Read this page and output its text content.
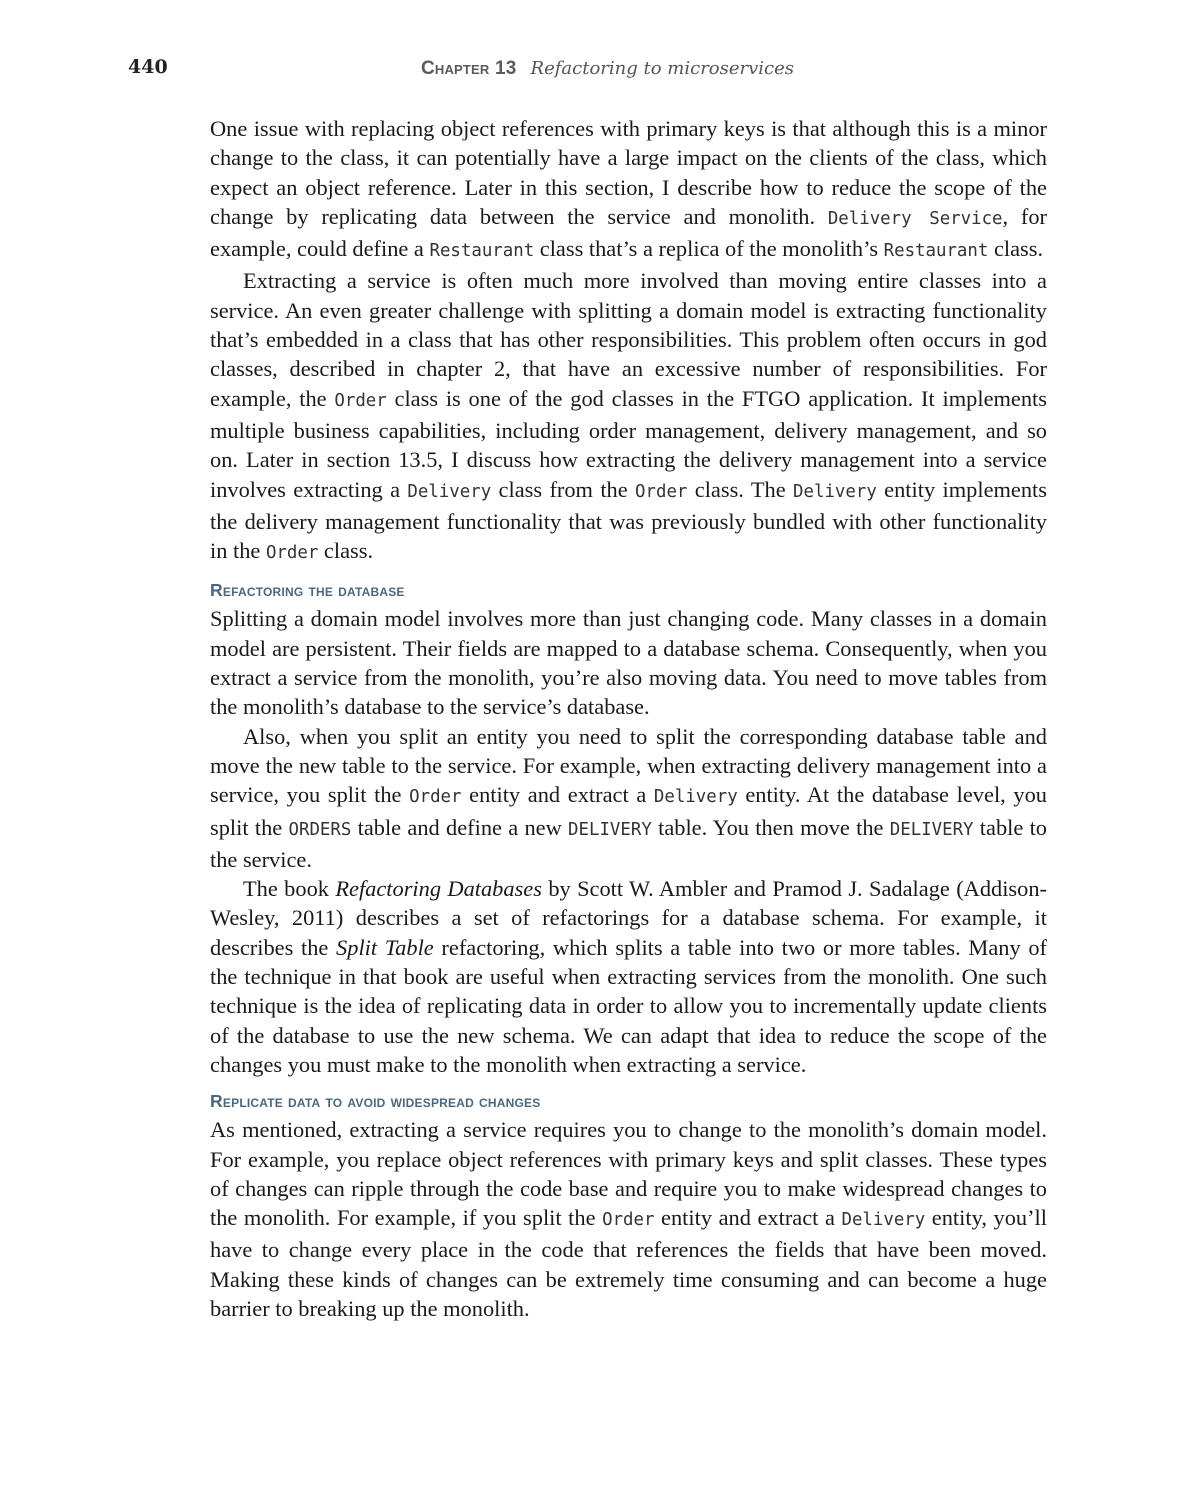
440	Chapter 13 Refactoring to microservices

One issue with replacing object references with primary keys is that although this is a minor change to the class, it can potentially have a large impact on the clients of the class, which expect an object reference. Later in this section, I describe how to reduce the scope of the change by replicating data between the service and monolith. Delivery Service, for example, could define a Restaurant class that’s a replica of the monolith’s Restaurant class.

Extracting a service is often much more involved than moving entire classes into a service. An even greater challenge with splitting a domain model is extracting functionality that’s embedded in a class that has other responsibilities. This problem often occurs in god classes, described in chapter 2, that have an excessive number of responsibilities. For example, the Order class is one of the god classes in the FTGO application. It implements multiple business capabilities, including order management, delivery management, and so on. Later in section 13.5, I discuss how extracting the delivery management into a service involves extracting a Delivery class from the Order class. The Delivery entity implements the delivery management functionality that was previously bundled with other functionality in the Order class.

Refactoring the database

Splitting a domain model involves more than just changing code. Many classes in a domain model are persistent. Their fields are mapped to a database schema. Consequently, when you extract a service from the monolith, you’re also moving data. You need to move tables from the monolith’s database to the service’s database.

Also, when you split an entity you need to split the corresponding database table and move the new table to the service. For example, when extracting delivery management into a service, you split the Order entity and extract a Delivery entity. At the database level, you split the ORDERS table and define a new DELIVERY table. You then move the DELIVERY table to the service.

The book Refactoring Databases by Scott W. Ambler and Pramod J. Sadalage (Addison-Wesley, 2011) describes a set of refactorings for a database schema. For example, it describes the Split Table refactoring, which splits a table into two or more tables. Many of the technique in that book are useful when extracting services from the monolith. One such technique is the idea of replicating data in order to allow you to incrementally update clients of the database to use the new schema. We can adapt that idea to reduce the scope of the changes you must make to the monolith when extracting a service.

Replicate data to avoid widespread changes

As mentioned, extracting a service requires you to change to the monolith’s domain model. For example, you replace object references with primary keys and split classes. These types of changes can ripple through the code base and require you to make widespread changes to the monolith. For example, if you split the Order entity and extract a Delivery entity, you’ll have to change every place in the code that references the fields that have been moved. Making these kinds of changes can be extremely time consuming and can become a huge barrier to breaking up the monolith.
